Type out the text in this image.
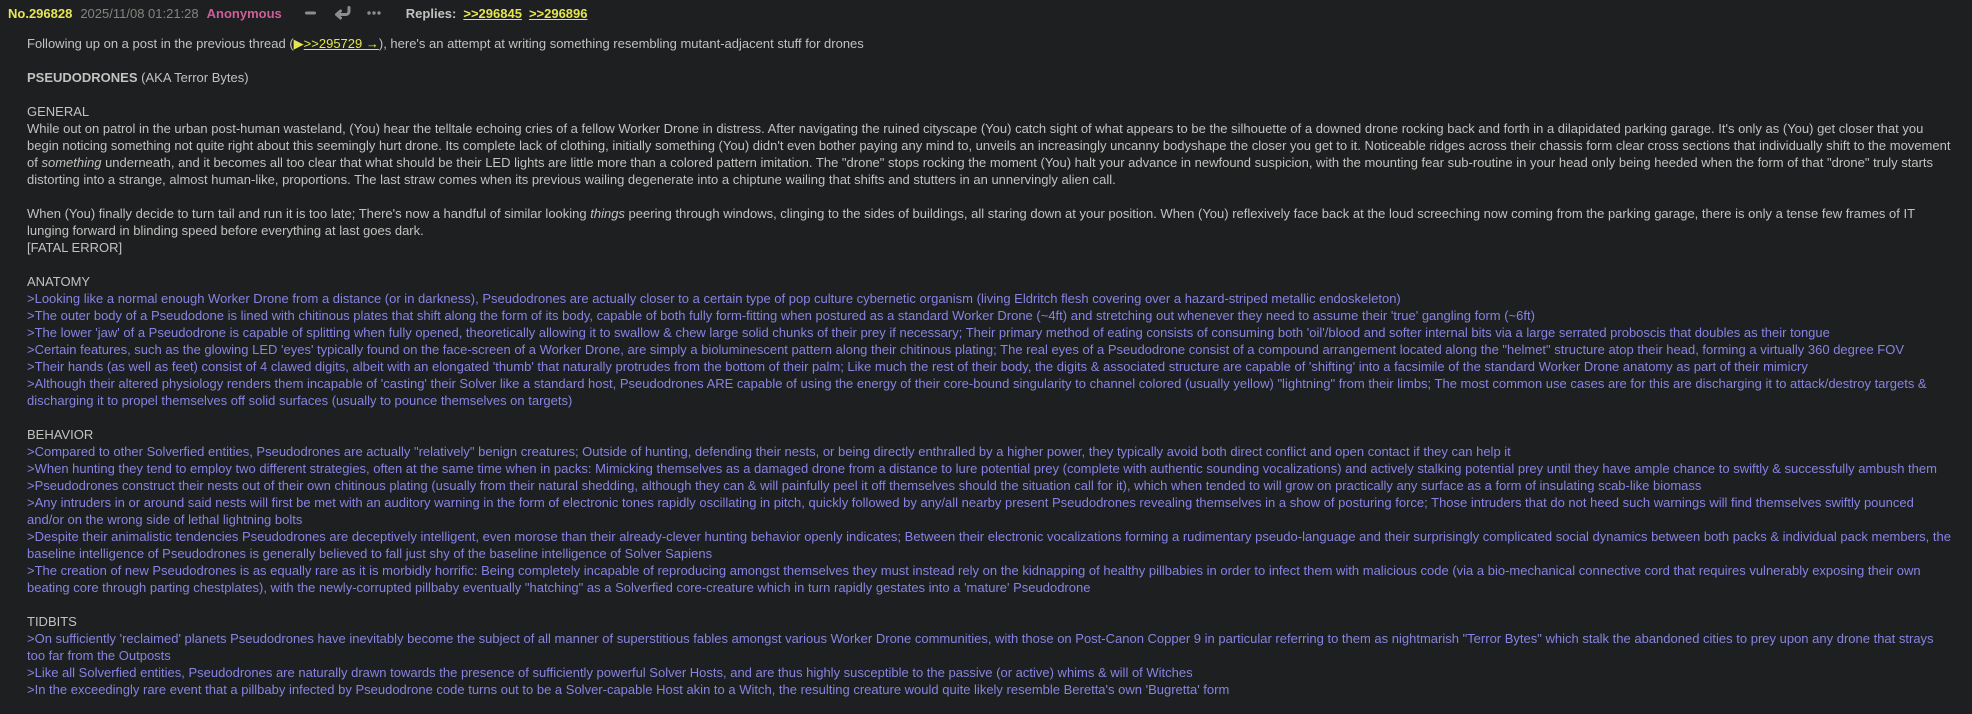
No.296828 2025/11/08 01:21:28 Anonymous	Replies: >>296845 >>296896
Following up on a post in the previous thread (▶>>295729 →), here's an attempt at writing something resembling mutant-adjacent stuff for drones
PSEUDODRONES (AKA Terror Bytes)
GENERAL
While out on patrol in the urban post-human wasteland, (You) hear the telltale echoing cries of a fellow Worker Drone in distress. After navigating the ruined cityscape (You) catch sight of what appears to be the silhouette of a downed drone rocking back and forth in a dilapidated parking garage. It's only as (You) get closer that you begin noticing something not quite right about this seemingly hurt drone. Its complete lack of clothing, initially something (You) didn't even bother paying any mind to, unveils an increasingly uncanny bodyshape the closer you get to it. Noticeable ridges across their chassis form clear cross sections that individually shift to the movement of something underneath, and it becomes all too clear that what should be their LED lights are little more than a colored pattern imitation. The "drone" stops rocking the moment (You) halt your advance in newfound suspicion, with the mounting fear sub-routine in your head only being heeded when the form of that "drone" truly starts distorting into a strange, almost human-like, proportions. The last straw comes when its previous wailing degenerate into a chiptune wailing that shifts and stutters in an unnervingly alien call.
When (You) finally decide to turn tail and run it is too late; There's now a handful of similar looking things peering through windows, clinging to the sides of buildings, all staring down at your position. When (You) reflexively face back at the loud screeching now coming from the parking garage, there is only a tense few frames of IT lunging forward in blinding speed before everything at last goes dark.
[FATAL ERROR]
ANATOMY
>Looking like a normal enough Worker Drone from a distance (or in darkness), Pseudodrones are actually closer to a certain type of pop culture cybernetic organism (living Eldritch flesh covering over a hazard-striped metallic endoskeleton)
>The outer body of a Pseudodone is lined with chitinous plates that shift along the form of its body, capable of both fully form-fitting when postured as a standard Worker Drone (~4ft) and stretching out whenever they need to assume their 'true' gangling form (~6ft)
>The lower 'jaw' of a Pseudodrone is capable of splitting when fully opened, theoretically allowing it to swallow & chew large solid chunks of their prey if necessary; Their primary method of eating consists of consuming both 'oil'/blood and softer internal bits via a large serrated proboscis that doubles as their tongue
>Certain features, such as the glowing LED 'eyes' typically found on the face-screen of a Worker Drone, are simply a bioluminescent pattern along their chitinous plating; The real eyes of a Pseudodrone consist of a compound arrangement located along the "helmet" structure atop their head, forming a virtually 360 degree FOV
>Their hands (as well as feet) consist of 4 clawed digits, albeit with an elongated 'thumb' that naturally protrudes from the bottom of their palm; Like much the rest of their body, the digits & associated structure are capable of 'shifting' into a facsimile of the standard Worker Drone anatomy as part of their mimicry
>Although their altered physiology renders them incapable of 'casting' their Solver like a standard host, Pseudodrones ARE capable of using the energy of their core-bound singularity to channel colored (usually yellow) "lightning" from their limbs; The most common use cases are for this are discharging it to attack/destroy targets & discharging it to propel themselves off solid surfaces (usually to pounce themselves on targets)
BEHAVIOR
>Compared to other Solverfied entities, Pseudodrones are actually "relatively" benign creatures; Outside of hunting, defending their nests, or being directly enthralled by a higher power, they typically avoid both direct conflict and open contact if they can help it
>When hunting they tend to employ two different strategies, often at the same time when in packs: Mimicking themselves as a damaged drone from a distance to lure potential prey (complete with authentic sounding vocalizations) and actively stalking potential prey until they have ample chance to swiftly & successfully ambush them
>Pseudodrones construct their nests out of their own chitinous plating (usually from their natural shedding, although they can & will painfully peel it off themselves should the situation call for it), which when tended to will grow on practically any surface as a form of insulating scab-like biomass
>Any intruders in or around said nests will first be met with an auditory warning in the form of electronic tones rapidly oscillating in pitch, quickly followed by any/all nearby present Pseudodrones revealing themselves in a show of posturing force; Those intruders that do not heed such warnings will find themselves swiftly pounced and/or on the wrong side of lethal lightning bolts
>Despite their animalistic tendencies Pseudodrones are deceptively intelligent, even morose than their already-clever hunting behavior openly indicates; Between their electronic vocalizations forming a rudimentary pseudo-language and their surprisingly complicated social dynamics between both packs & individual pack members, the baseline intelligence of Pseudodrones is generally believed to fall just shy of the baseline intelligence of Solver Sapiens
>The creation of new Pseudodrones is as equally rare as it is morbidly horrific: Being completely incapable of reproducing amongst themselves they must instead rely on the kidnapping of healthy pillbabies in order to infect them with malicious code (via a bio-mechanical connective cord that requires vulnerably exposing their own beating core through parting chestplates), with the newly-corrupted pillbaby eventually "hatching" as a Solverfied core-creature which in turn rapidly gestates into a 'mature' Pseudodrone
TIDBITS
>On sufficiently 'reclaimed' planets Pseudodrones have inevitably become the subject of all manner of superstitious fables amongst various Worker Drone communities, with those on Post-Canon Copper 9 in particular referring to them as nightmarish "Terror Bytes" which stalk the abandoned cities to prey upon any drone that strays too far from the Outposts
>Like all Solverfied entities, Pseudodrones are naturally drawn towards the presence of sufficiently powerful Solver Hosts, and are thus highly susceptible to the passive (or active) whims & will of Witches
>In the exceedingly rare event that a pillbaby infected by Pseudodrone code turns out to be a Solver-capable Host akin to a Witch, the resulting creature would quite likely resemble Beretta's own 'Bugretta' form
